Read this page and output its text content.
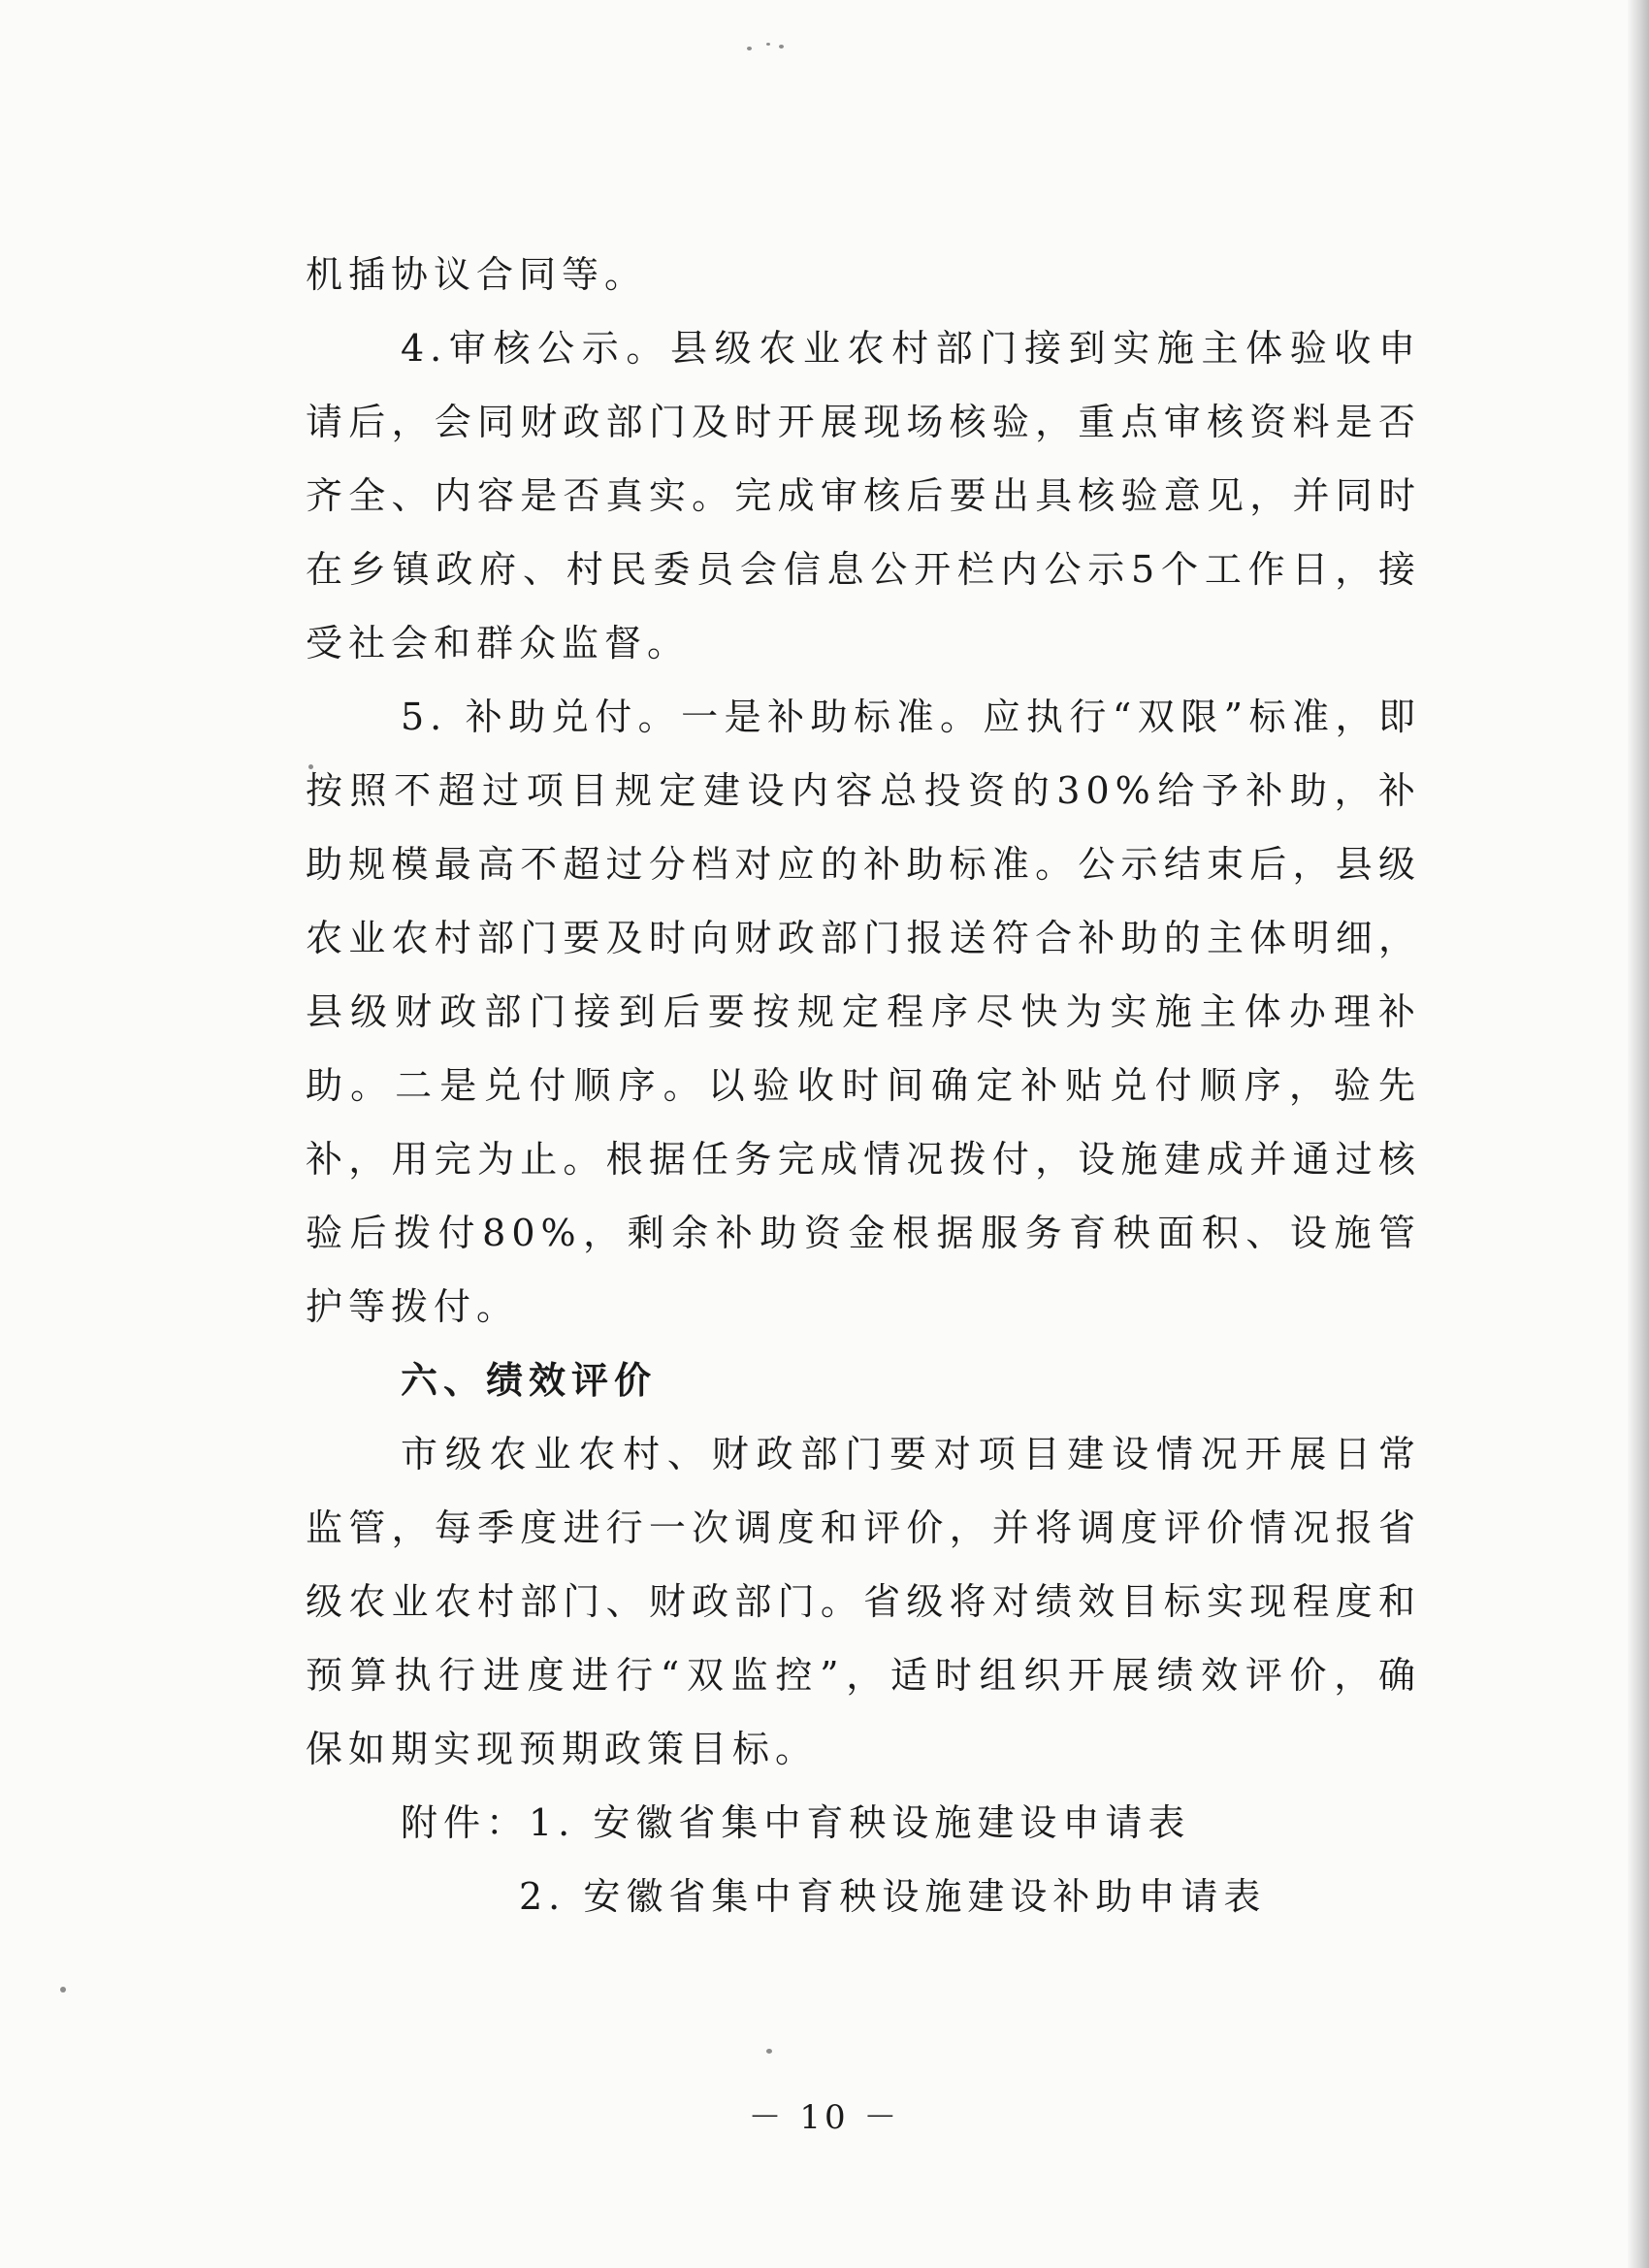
机插协议合同等。

4.审核公示。县级农业农村部门接到实施主体验收申请后，会同财政部门及时开展现场核验，重点审核资料是否齐全、内容是否真实。完成审核后要出具核验意见，并同时在乡镇政府、村民委员会信息公开栏内公示5个工作日，接受社会和群众监督。

5. 补助兑付。一是补助标准。应执行“双限”标准，即按照不超过项目规定建设内容总投资的30%给予补助，补助规模最高不超过分档对应的补助标准。公示结束后，县级农业农村部门要及时向财政部门报送符合补助的主体明细， 县级财政部门接到后要按规定程序尽快为实施主体办理补助。二是兑付顺序。以验收时间确定补贴兑付顺序，验先补，用完为止。根据任务完成情况拨付，设施建成并通过核验后拨付80%，剩余补助资金根据服务育秧面积、设施管护等拨付。

六、绩效评价

市级农业农村、财政部门要对项目建设情况开展日常监管，每季度进行一次调度和评价，并将调度评价情况报省级农业农村部门、财政部门。省级将对绩效目标实现程度和预算执行进度进行“双监控”，适时组织开展绩效评价，确保如期实现预期政策目标。

附件：1. 安徽省集中育秧设施建设申请表

2. 安徽省集中育秧设施建设补助申请表

－ 10 －
